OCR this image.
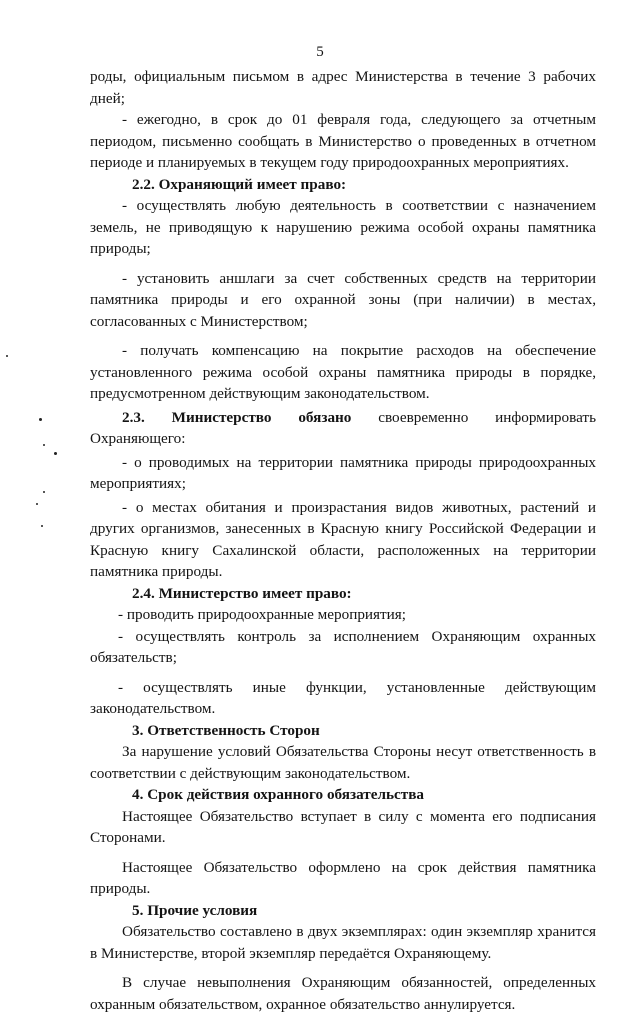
5

роды, официальным письмом в адрес Министерства в течение 3 рабочих дней;

- ежегодно, в срок до 01 февраля года, следующего за отчетным периодом, письменно сообщать в Министерство о проведенных в отчетном периоде и планируемых в текущем году природоохранных мероприятиях.

2.2. Охраняющий имеет право:

- осуществлять любую деятельность в соответствии с назначением земель, не приводящую к нарушению режима особой охраны памятника природы;

- установить аншлаги за счет собственных средств на территории памятника природы и его охранной зоны (при наличии) в местах, согласованных с Министерством;

- получать компенсацию на покрытие расходов на обеспечение установленного режима особой охраны памятника природы в порядке, предусмотренном действующим законодательством.

2.3. Министерство обязано своевременно информировать Охраняющего:

- о проводимых на территории памятника природы природоохранных мероприятиях;

- о местах обитания и произрастания видов животных, растений и других организмов, занесенных в Красную книгу Российской Федерации и Красную книгу Сахалинской области, расположенных на территории памятника природы.

2.4. Министерство имеет право:

- проводить природоохранные мероприятия;

- осуществлять контроль за исполнением Охраняющим охранных обязательств;

- осуществлять иные функции, установленные действующим законодательством.

3. Ответственность Сторон

За нарушение условий Обязательства Стороны несут ответственность в соответствии с действующим законодательством.

4. Срок действия охранного обязательства

Настоящее Обязательство вступает в силу с момента его подписания Сторонами.

Настоящее Обязательство оформлено на срок действия памятника природы.

5. Прочие условия

Обязательство составлено в двух экземплярах: один экземпляр хранится в Министерстве, второй экземпляр передаётся Охраняющему.

В случае невыполнения Охраняющим обязанностей, определенных охранным обязательством, охранное обязательство аннулируется.
